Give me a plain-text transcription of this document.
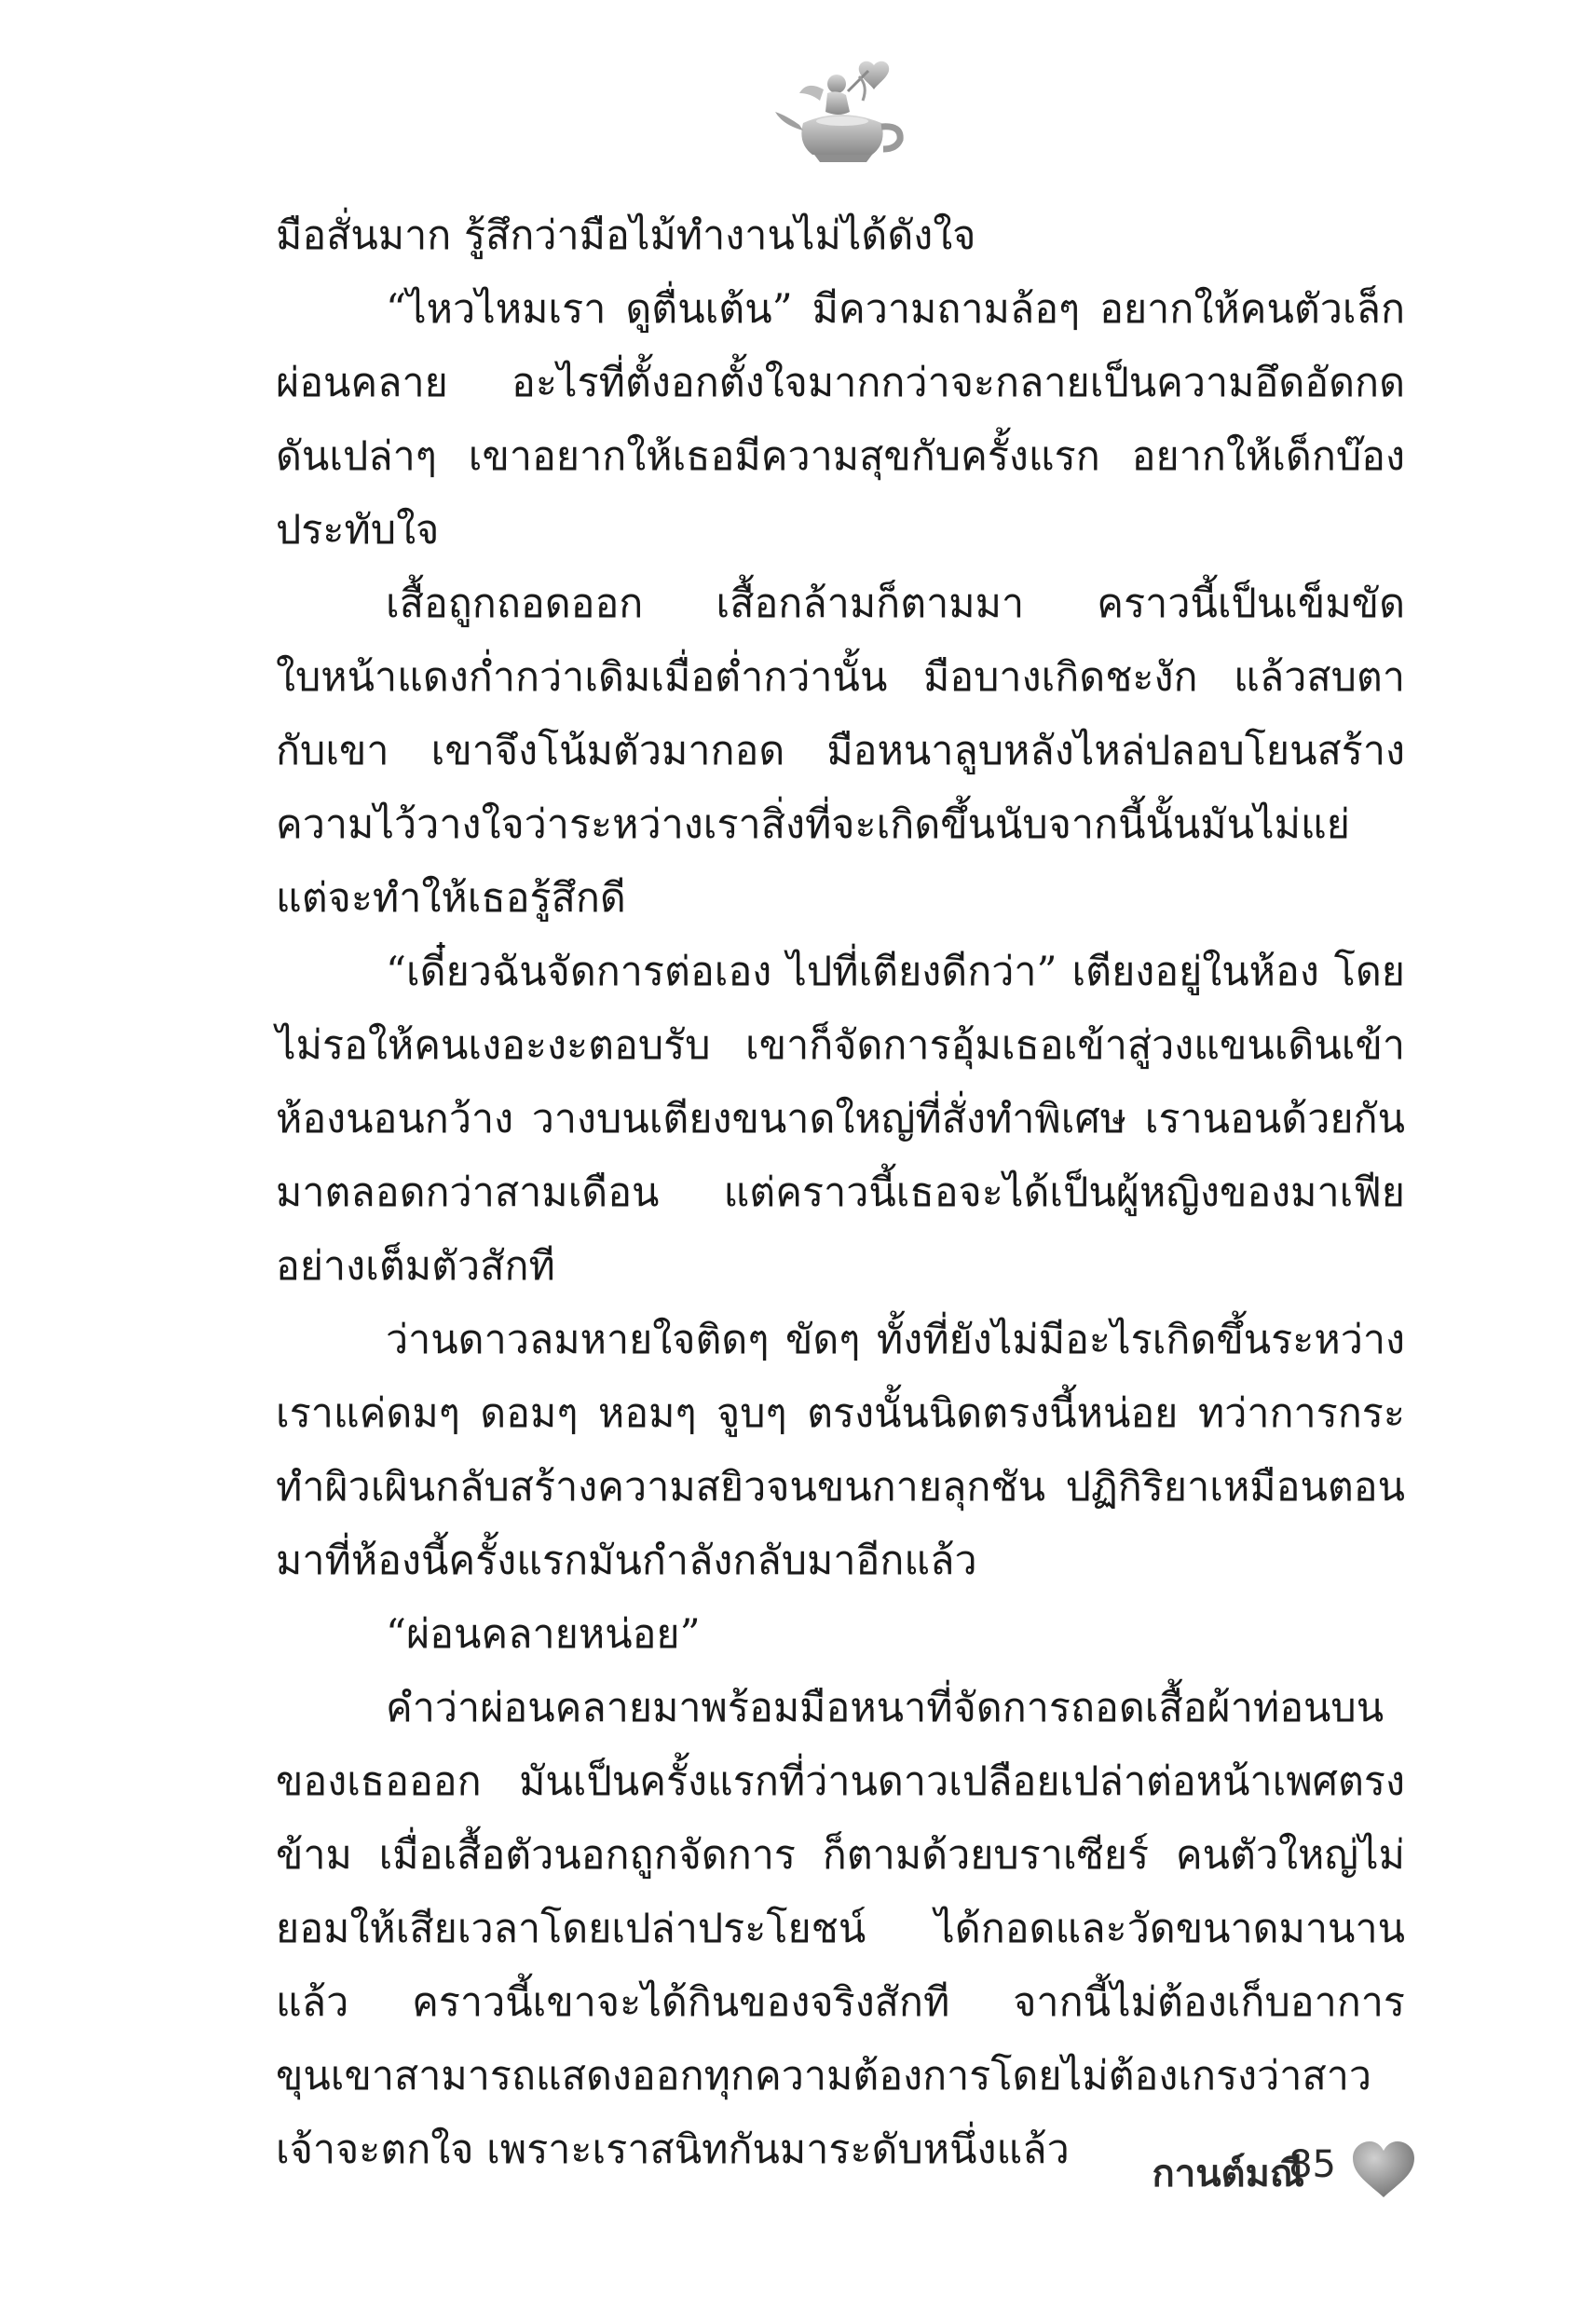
มือสั่นมาก รู้สึกว่ามือไม้ทำงานไม่ได้ดังใจ

“ไหวไหมเรา ดูตื่นเต้น” มีความถามล้อๆ อยากให้คนตัวเล็กผ่อนคลาย อะไรที่ตั้งอกตั้งใจมากกว่าจะกลายเป็นความอึดอัดกดดันเปล่าๆ เขาอยากให้เธอมีความสุขกับครั้งแรก อยากให้เด็กบ๊องประทับใจ

เสื้อถูกถอดออก เสื้อกล้ามก็ตามมา คราวนี้เป็นเข็มขัด ใบหน้าแดงก่ำกว่าเดิมเมื่อต่ำกว่านั้น มือบางเกิดชะงัก แล้วสบตากับเขา เขาจึงโน้มตัวมากอด มือหนาลูบหลังไหล่ปลอบโยนสร้างความไว้วางใจว่าระหว่างเราสิ่งที่จะเกิดขึ้นนับจากนี้นั้นมันไม่แย่ แต่จะทำให้เธอรู้สึกดี

“เดี๋ยวฉันจัดการต่อเอง ไปที่เตียงดีกว่า” เตียงอยู่ในห้อง โดยไม่รอให้คนเงอะงะตอบรับ เขาก็จัดการอุ้มเธอเข้าสู่วงแขนเดินเข้าห้องนอนกว้าง วางบนเตียงขนาดใหญ่ที่สั่งทำพิเศษ เรานอนด้วยกันมาตลอดกว่าสามเดือน แต่คราวนี้เธอจะได้เป็นผู้หญิงของมาเฟียอย่างเต็มตัวสักที

ว่านดาวลมหายใจติดๆ ขัดๆ ทั้งที่ยังไม่มีอะไรเกิดขึ้นระหว่างเราแค่ดมๆ ดอมๆ หอมๆ จูบๆ ตรงนั้นนิดตรงนี้หน่อย ทว่าการกระทำผิวเผินกลับสร้างความสยิวจนขนกายลุกชัน ปฏิกิริยาเหมือนตอนมาที่ห้องนี้ครั้งแรกมันกำลังกลับมาอีกแล้ว

“ผ่อนคลายหน่อย”

คำว่าผ่อนคลายมาพร้อมมือหนาที่จัดการถอดเสื้อผ้าท่อนบนของเธอออก มันเป็นครั้งแรกที่ว่านดาวเปลือยเปล่าต่อหน้าเพศตรงข้าม เมื่อเสื้อตัวนอกถูกจัดการ ก็ตามด้วยบราเซียร์ คนตัวใหญ่ไม่ยอมให้เสียเวลาโดยเปล่าประโยชน์ ได้กอดและวัดขนาดมานานแล้ว คราวนี้เขาจะได้กินของจริงสักที จากนี้ไม่ต้องเก็บอาการ ขุนเขาสามารถแสดงออกทุกความต้องการโดยไม่ต้องเกรงว่าสาวเจ้าจะตกใจ เพราะเราสนิทกันมาระดับหนึ่งแล้ว

กานต์มณี
85
